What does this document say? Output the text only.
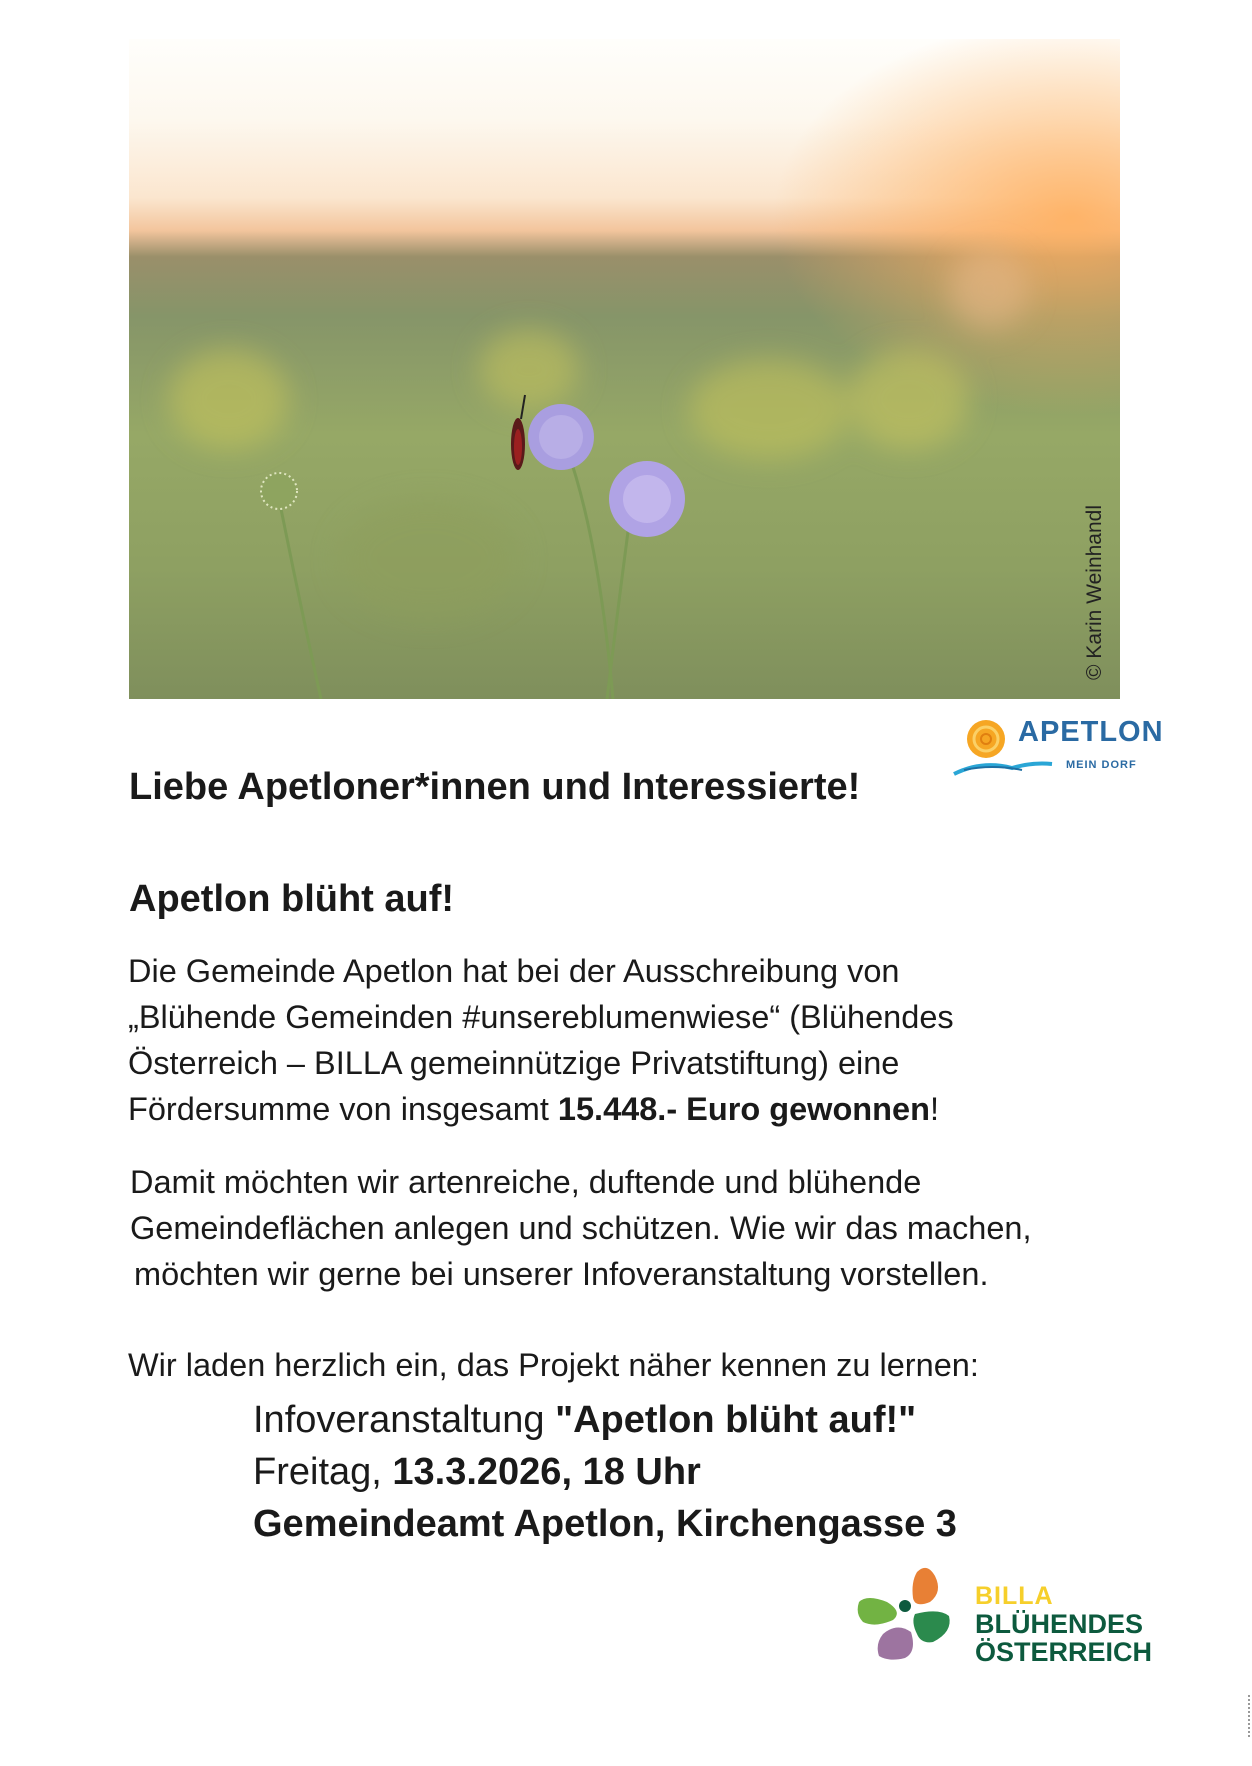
© Karin Weinhandl
APETLON
MEIN DORF
Liebe Apetloner*innen und Interessierte!
Apetlon blüht auf!
Die Gemeinde Apetlon hat bei der Ausschreibung von
„Blühende Gemeinden #unsereblumenwiese“ (Blühendes
Österreich – BILLA gemeinnützige Privatstiftung) eine
Fördersumme von insgesamt 15.448.- Euro gewonnen!
Damit möchten wir artenreiche, duftende und blühende
Gemeindeflächen anlegen und schützen. Wie wir das machen,
möchten wir gerne bei unserer Infoveranstaltung vorstellen.
Wir laden herzlich ein, das Projekt näher kennen zu lernen:
Infoveranstaltung "Apetlon blüht auf!"
Freitag, 13.3.2026, 18 Uhr
Gemeindeamt Apetlon, Kirchengasse 3
BILLA
BLÜHENDES
ÖSTERREICH
